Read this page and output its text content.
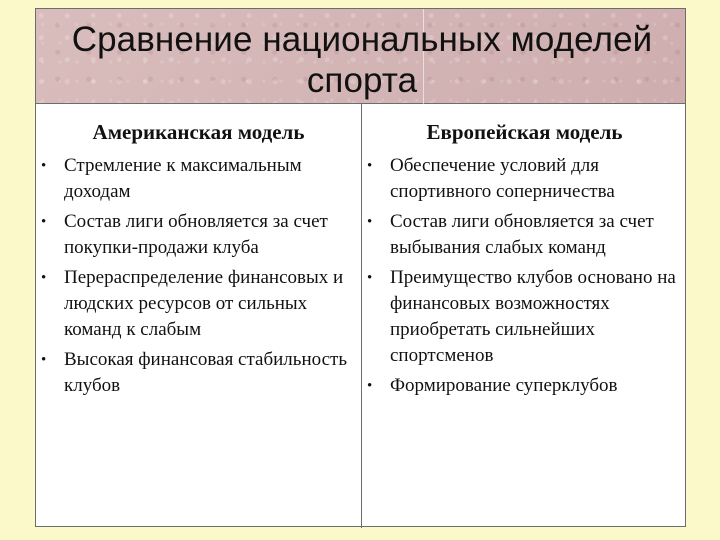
Сравнение национальных моделей спорта
Американская модель
• Стремление к максимальным доходам
• Состав лиги обновляется за счет покупки-продажи клуба
• Перераспределение финансовых и людских ресурсов от сильных команд к слабым
• Высокая финансовая стабильность клубов
Европейская модель
• Обеспечение условий для спортивного соперничества
• Состав лиги обновляется за счет выбывания слабых команд
• Преимущество клубов основано на финансовых возможностях приобретать сильнейших спортсменов
• Формирование суперклубов
